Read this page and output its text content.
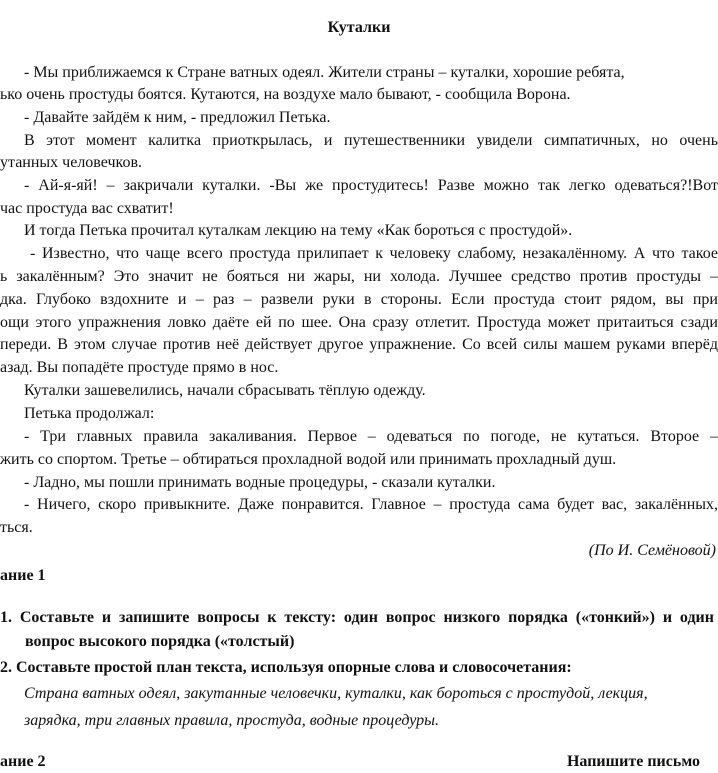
Куталки
- Мы приближаемся к Стране ватных одеял. Жители страны – куталки, хорошие ребята,
ько очень простуды боятся. Кутаются, на воздухе мало бывают, - сообщила Ворона.
- Давайте зайдём к ним, - предложил Петька.
В этот момент калитка приоткрылась, и путешественники увидели симпатичных, но очень
утанных человечков.
- Ай-я-яй! – закричали куталки. -Вы же простудитесь! Разве можно так легко одеваться?!Вот
час простуда вас схватит!
И тогда Петька прочитал куталкам лекцию на тему «Как бороться с простудой».
- Известно, что чаще всего простуда прилипает к человеку слабому, незакалённому. А что такое
ь закалённым? Это значит не бояться ни жары, ни холода. Лучшее средство против простуды –
дка. Глубоко вздохните и – раз – развели руки в стороны. Если простуда стоит рядом, вы при
ощи этого упражнения ловко даёте ей по шее. Она сразу отлетит. Простуда может притаиться сзади
переди. В этом случае против неё действует другое упражнение. Со всей силы машем руками вперёд
азад. Вы попадёте простуде прямо в нос.
Куталки зашевелились, начали сбрасывать тёплую одежду.
Петька продолжал:
- Три главных правила закаливания. Первое – одеваться по погоде, не кутаться. Второе –
жить со спортом. Третье – обтираться прохладной водой или принимать прохладный душ.
- Ладно, мы пошли принимать водные процедуры, - сказали куталки.
- Ничего, скоро привыкните. Даже понравится. Главное – простуда сама будет вас, закалённых,
ться.
(По И. Семёновой)
ание 1
1. Составьте и запишите вопросы к тексту: один вопрос низкого порядка («тонкий») и один
вопрос высокого порядка («толстый)
2. Составьте простой план текста, используя опорные слова и словосочетания:
Страна ватных одеял, закутанные человечки, куталки, как бороться с простудой, лекция,
зарядка, три главных правила, простуда, водные процедуры.
ание 2	Напишите письмо
